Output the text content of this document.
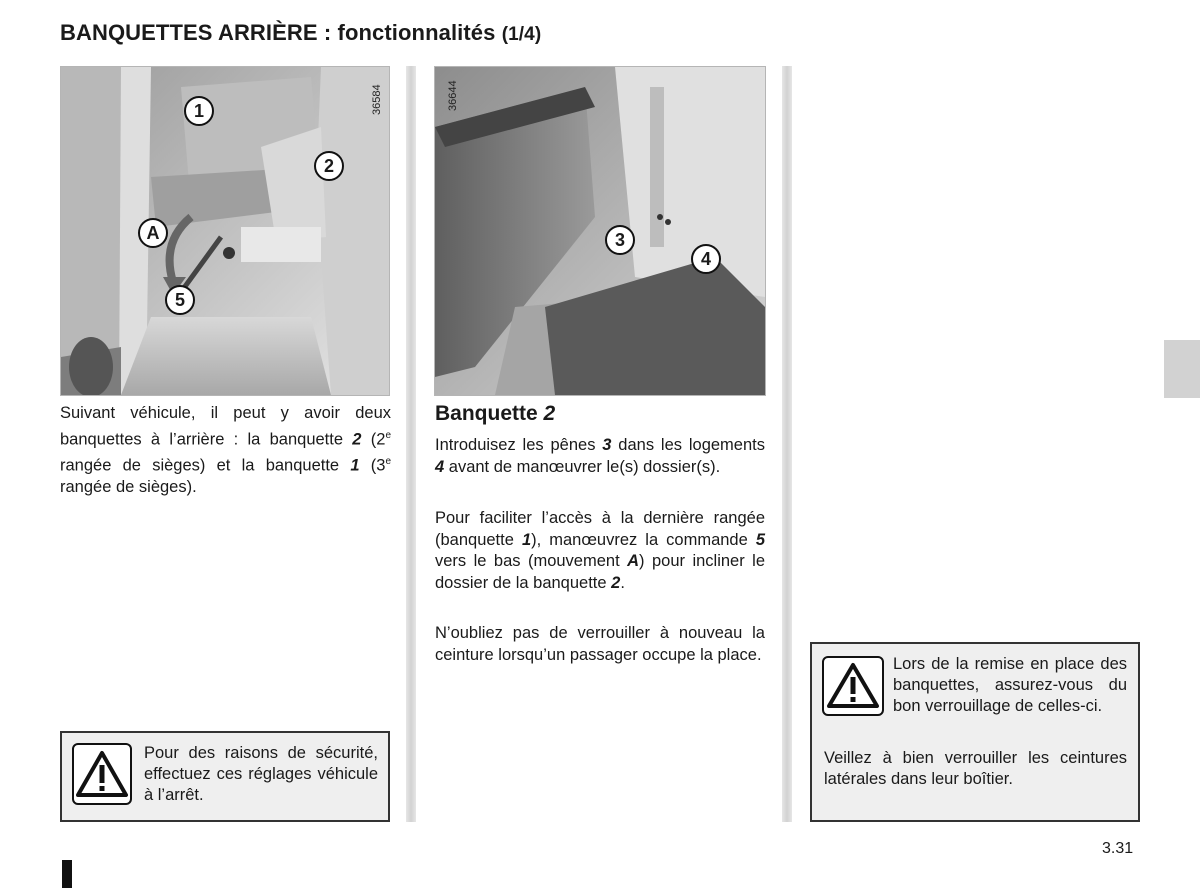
BANQUETTES ARRIÈRE : fonctionnalités (1/4)
36584
1
2
A
5
36644
3
4
Suivant véhicule, il peut y avoir deux banquettes à l’arrière : la banquette 2 (2e rangée de sièges) et la banquette 1 (3e rangée de sièges).
Pour des raisons de sécurité, effectuez ces réglages véhicule à l’arrêt.
Banquette 2
Introduisez les pênes 3 dans les logements 4 avant de manœuvrer le(s) dossier(s).
Pour faciliter l’accès à la dernière rangée (banquette 1), manœuvrez la commande 5 vers le bas (mouvement A) pour incliner le dossier de la banquette 2.
N’oubliez pas de verrouiller à nouveau la ceinture lorsqu’un passager occupe la place.
Lors de la remise en place des banquettes, assurez-vous du bon verrouillage de celles-ci.
Veillez à bien verrouiller les ceintures latérales dans leur boîtier.
3.31
